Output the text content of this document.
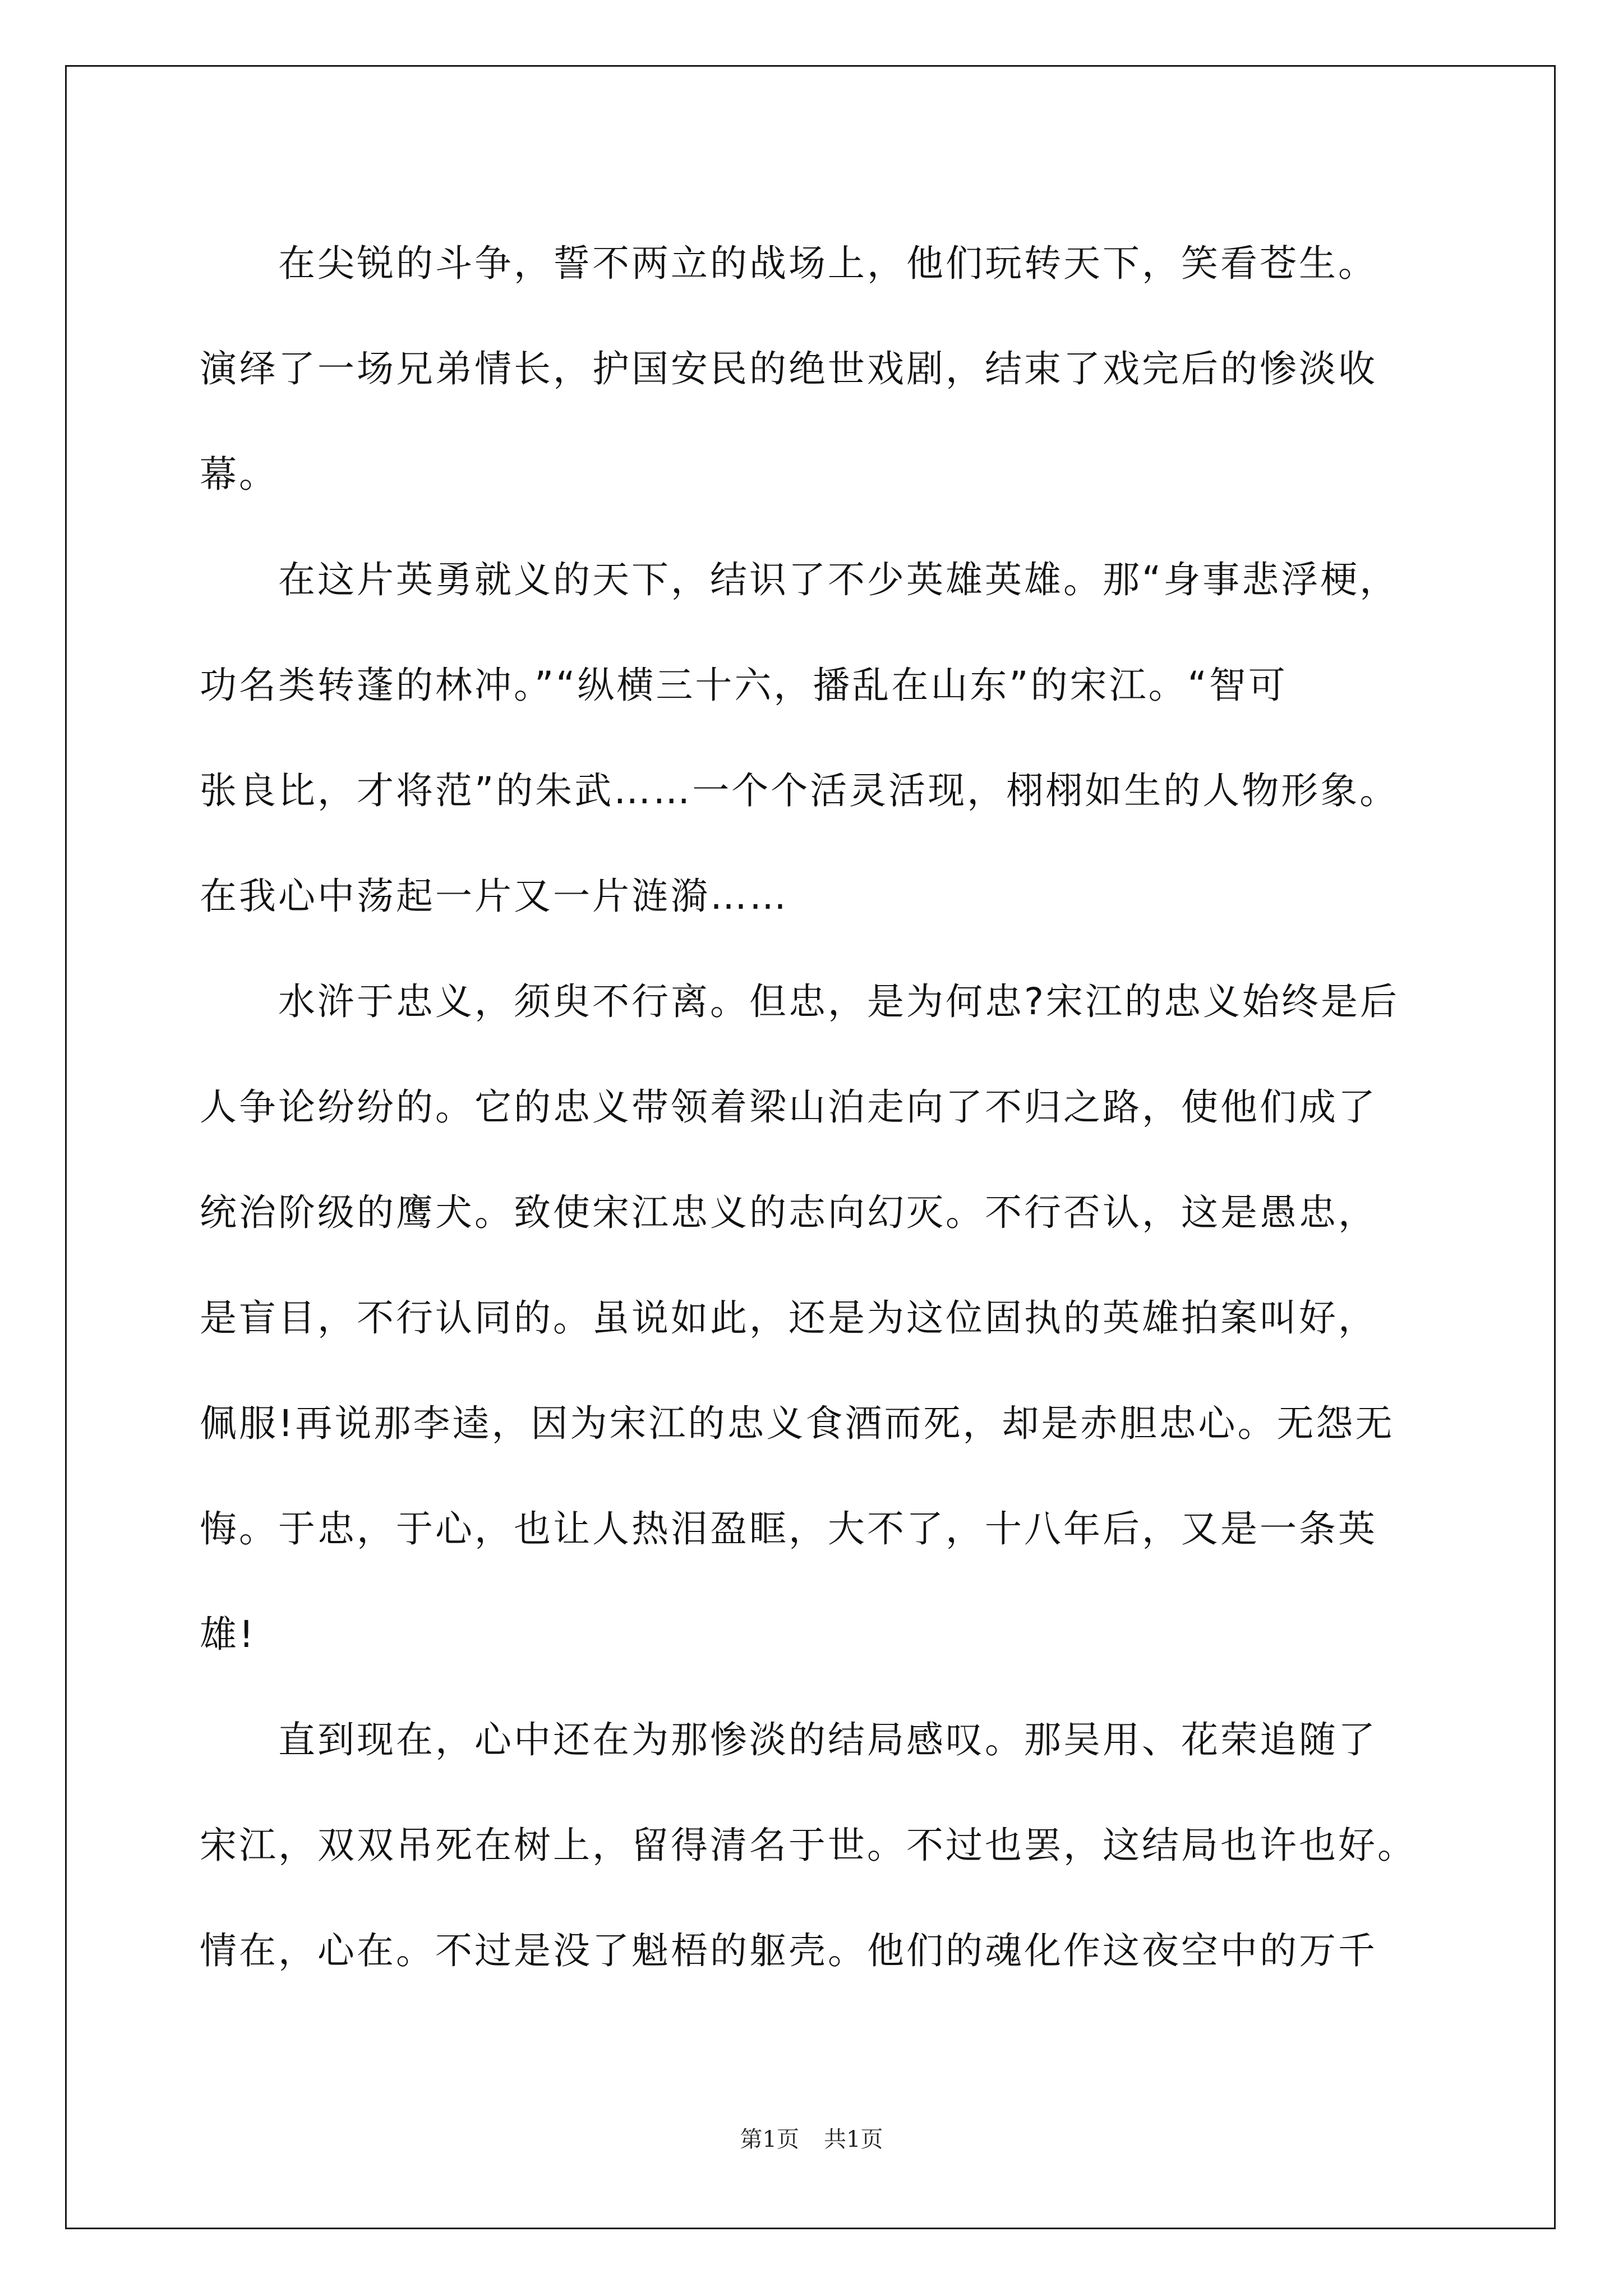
　　在尖锐的斗争，誓不两立的战场上，他们玩转天下，笑看苍生。
演绎了一场兄弟情长，护国安民的绝世戏剧，结束了戏完后的惨淡收
幕。
　　在这片英勇就义的天下，结识了不少英雄英雄。那“身事悲浮梗，
功名类转蓬的林冲。”“纵横三十六，播乱在山东”的宋江。“智可
张良比，才将范”的朱武……一个个活灵活现，栩栩如生的人物形象。
在我心中荡起一片又一片涟漪……
　　水浒于忠义，须臾不行离。但忠，是为何忠?宋江的忠义始终是后
人争论纷纷的。它的忠义带领着梁山泊走向了不归之路，使他们成了
统治阶级的鹰犬。致使宋江忠义的志向幻灭。不行否认，这是愚忠，
是盲目，不行认同的。虽说如此，还是为这位固执的英雄拍案叫好，
佩服!再说那李逵，因为宋江的忠义食酒而死，却是赤胆忠心。无怨无
悔。于忠，于心，也让人热泪盈眶，大不了，十八年后，又是一条英
雄!
　　直到现在，心中还在为那惨淡的结局感叹。那吴用、花荣追随了
宋江，双双吊死在树上，留得清名于世。不过也罢，这结局也许也好。
情在，心在。不过是没了魁梧的躯壳。他们的魂化作这夜空中的万千
第1页 共1页
